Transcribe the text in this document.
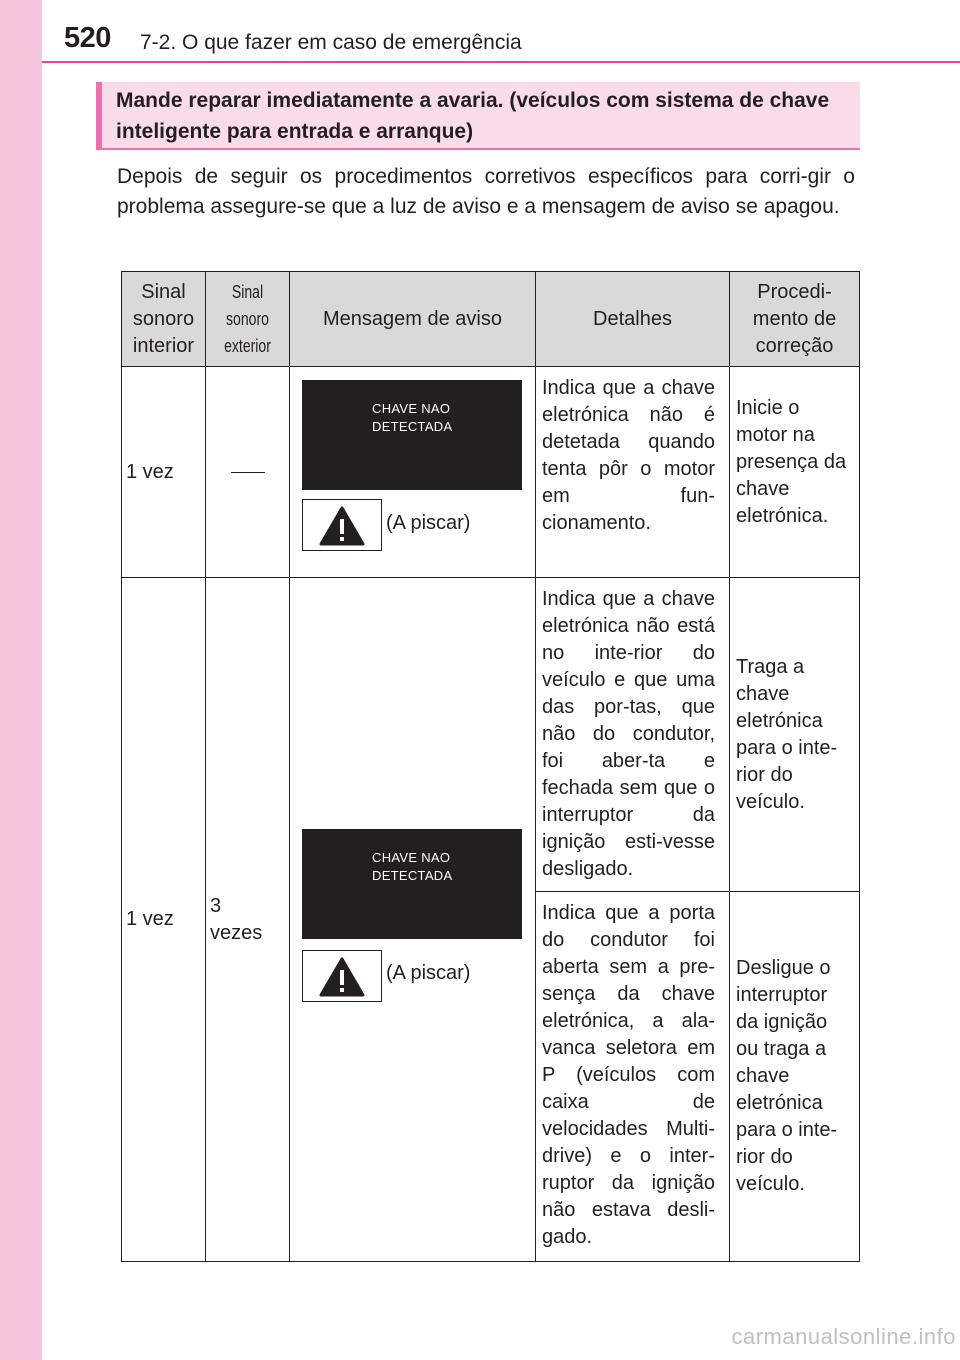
520 7-2. O que fazer em caso de emergência
Mande reparar imediatamente a avaria. (veículos com sistema de chave inteligente para entrada e arranque)
Depois de seguir os procedimentos corretivos específicos para corri-gir o problema assegure-se que a luz de aviso e a mensagem de aviso se apagou.
Sinal sonoro interior	Sinal sonoro exterior	Mensagem de aviso	Detalhes	Procedi-mento de correção
1 vez		CHAVE NAO
DETECTADA
(A piscar)	Indica que a chave eletrónica não é detetada quando tenta pôr o motor em fun-cionamento.	Inicie o motor na presença da chave eletrónica.
1 vez	3 vezes	CHAVE NAO
DETECTADA
(A piscar)	Indica que a chave eletrónica não está no inte-rior do veículo e que uma das por-tas, que não do condutor, foi aber-ta e fechada sem que o interruptor da ignição esti-vesse desligado.	Traga a chave eletrónica para o inte-rior do veículo.
			Indica que a porta do condutor foi aberta sem a pre-sença da chave eletrónica, a ala-vanca seletora em P (veículos com caixa de velocidades Multi-drive) e o inter-ruptor da ignição não estava desli-gado.	Desligue o interruptor da ignição ou traga a chave eletrónica para o inte-rior do veículo.
carmanualsonline.info
